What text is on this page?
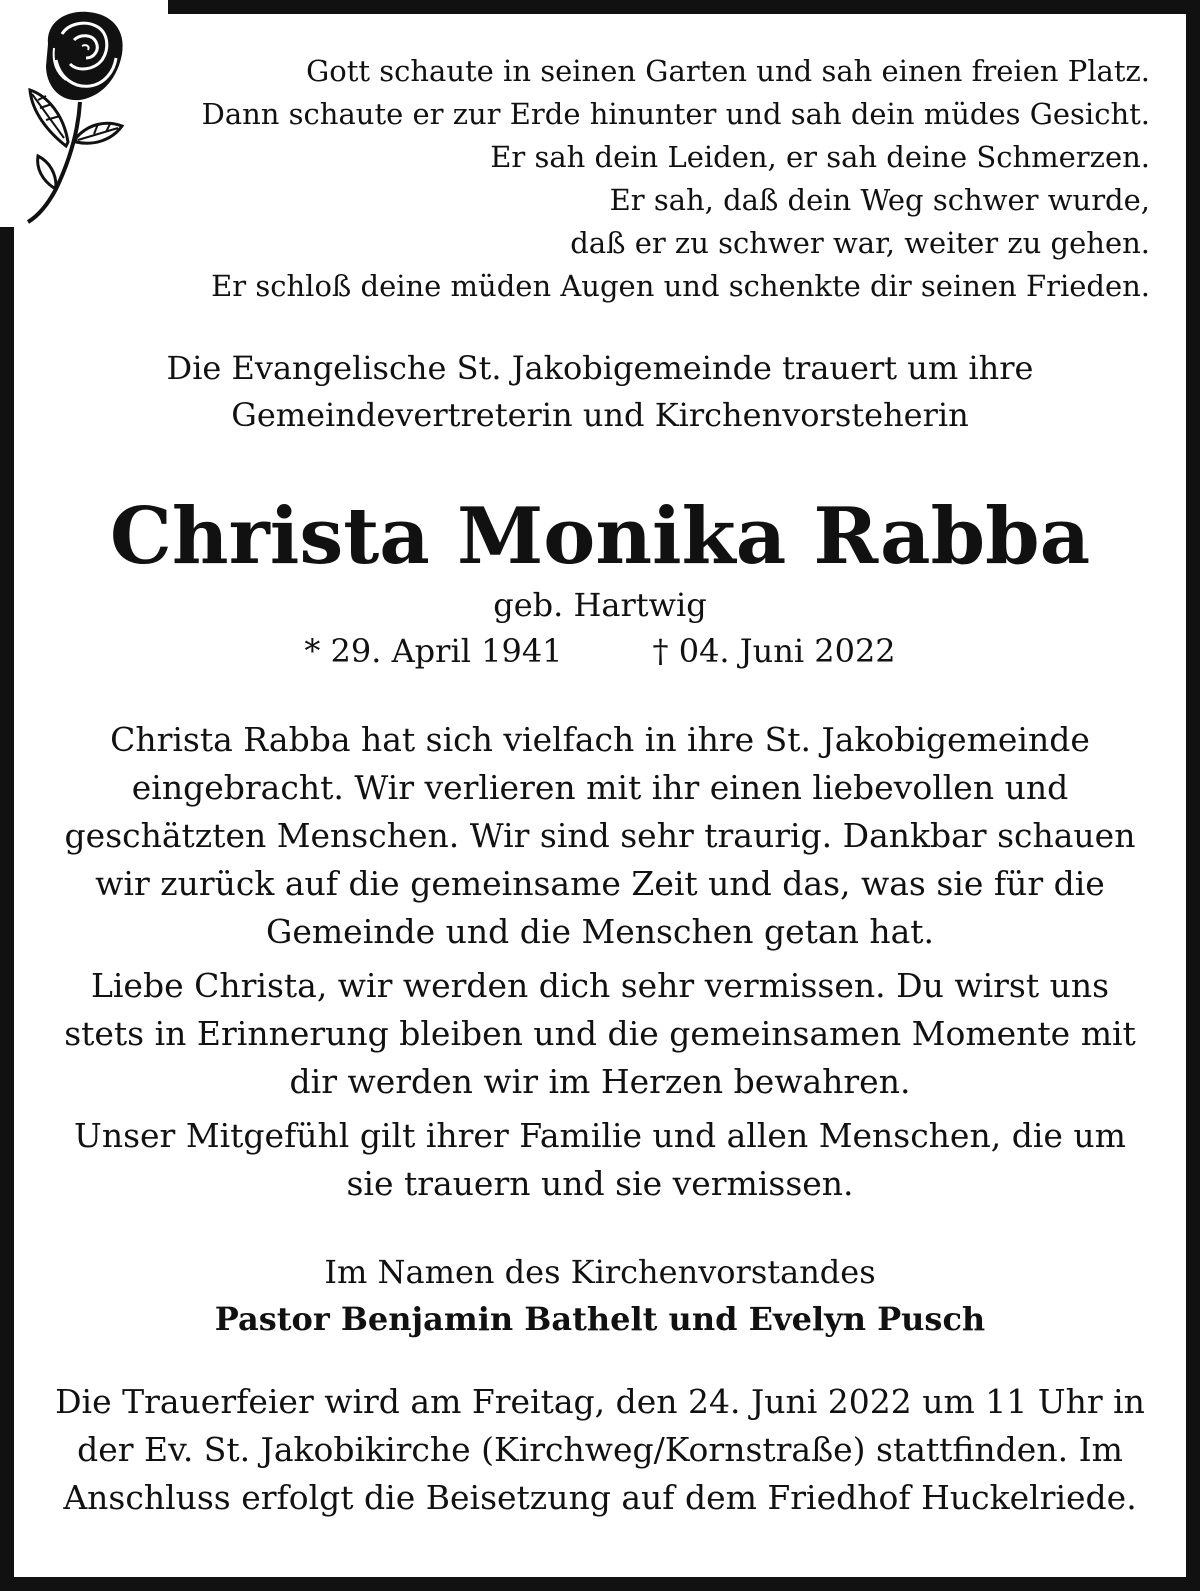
Gott schaute in seinen Garten und sah einen freien Platz.
Dann schaute er zur Erde hinunter und sah dein müdes Gesicht.
Er sah dein Leiden, er sah deine Schmerzen.
Er sah, daß dein Weg schwer wurde,
daß er zu schwer war, weiter zu gehen.
Er schloß deine müden Augen und schenkte dir seinen Frieden.
Die Evangelische St. Jakobigemeinde trauert um ihre
Gemeindevertreterin und Kirchenvorsteherin
Christa Monika Rabba
geb. Hartwig
* 29. April 1941	† 04. Juni 2022
Christa Rabba hat sich vielfach in ihre St. Jakobigemeinde
eingebracht. Wir verlieren mit ihr einen liebevollen und
geschätzten Menschen. Wir sind sehr traurig. Dankbar schauen
wir zurück auf die gemeinsame Zeit und das, was sie für die
Gemeinde und die Menschen getan hat.
Liebe Christa, wir werden dich sehr vermissen. Du wirst uns
stets in Erinnerung bleiben und die gemeinsamen Momente mit
dir werden wir im Herzen bewahren.
Unser Mitgefühl gilt ihrer Familie und allen Menschen, die um
sie trauern und sie vermissen.
Im Namen des Kirchenvorstandes
Pastor Benjamin Bathelt und Evelyn Pusch
Die Trauerfeier wird am Freitag, den 24. Juni 2022 um 11 Uhr in
der Ev. St. Jakobikirche (Kirchweg/Kornstraße) stattfinden. Im
Anschluss erfolgt die Beisetzung auf dem Friedhof Huckelriede.
